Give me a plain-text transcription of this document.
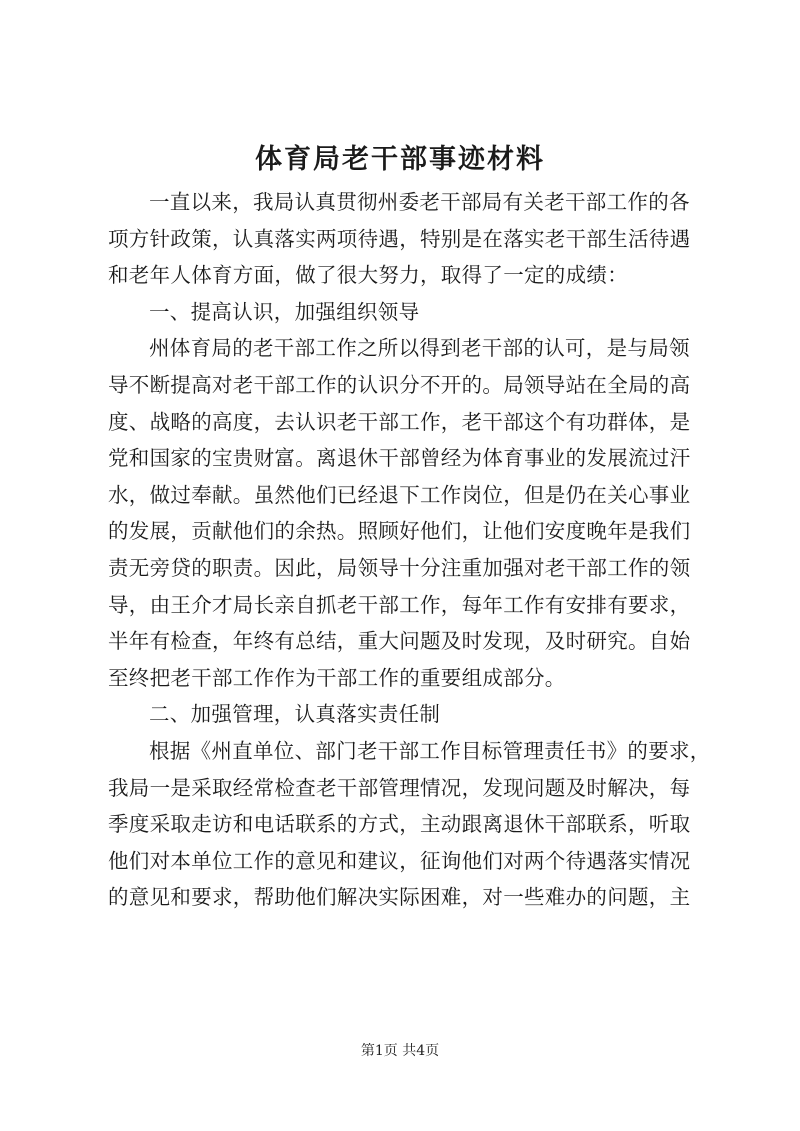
体育局老干部事迹材料
一直以来，我局认真贯彻州委老干部局有关老干部工作的各
项方针政策，认真落实两项待遇，特别是在落实老干部生活待遇
和老年人体育方面，做了很大努力，取得了一定的成绩：
一、提高认识，加强组织领导
州体育局的老干部工作之所以得到老干部的认可，是与局领
导不断提高对老干部工作的认识分不开的。局领导站在全局的高
度、战略的高度，去认识老干部工作，老干部这个有功群体，是
党和国家的宝贵财富。离退休干部曾经为体育事业的发展流过汗
水，做过奉献。虽然他们已经退下工作岗位，但是仍在关心事业
的发展，贡献他们的余热。照顾好他们，让他们安度晚年是我们
责无旁贷的职责。因此，局领导十分注重加强对老干部工作的领
导，由王介才局长亲自抓老干部工作，每年工作有安排有要求，
半年有检查，年终有总结，重大问题及时发现，及时研究。自始
至终把老干部工作作为干部工作的重要组成部分。
二、加强管理，认真落实责任制
根据《州直单位、部门老干部工作目标管理责任书》的要求，
我局一是采取经常检查老干部管理情况，发现问题及时解决，每
季度采取走访和电话联系的方式，主动跟离退休干部联系，听取
他们对本单位工作的意见和建议，征询他们对两个待遇落实情况
的意见和要求，帮助他们解决实际困难，对一些难办的问题，主
第1页 共4页
